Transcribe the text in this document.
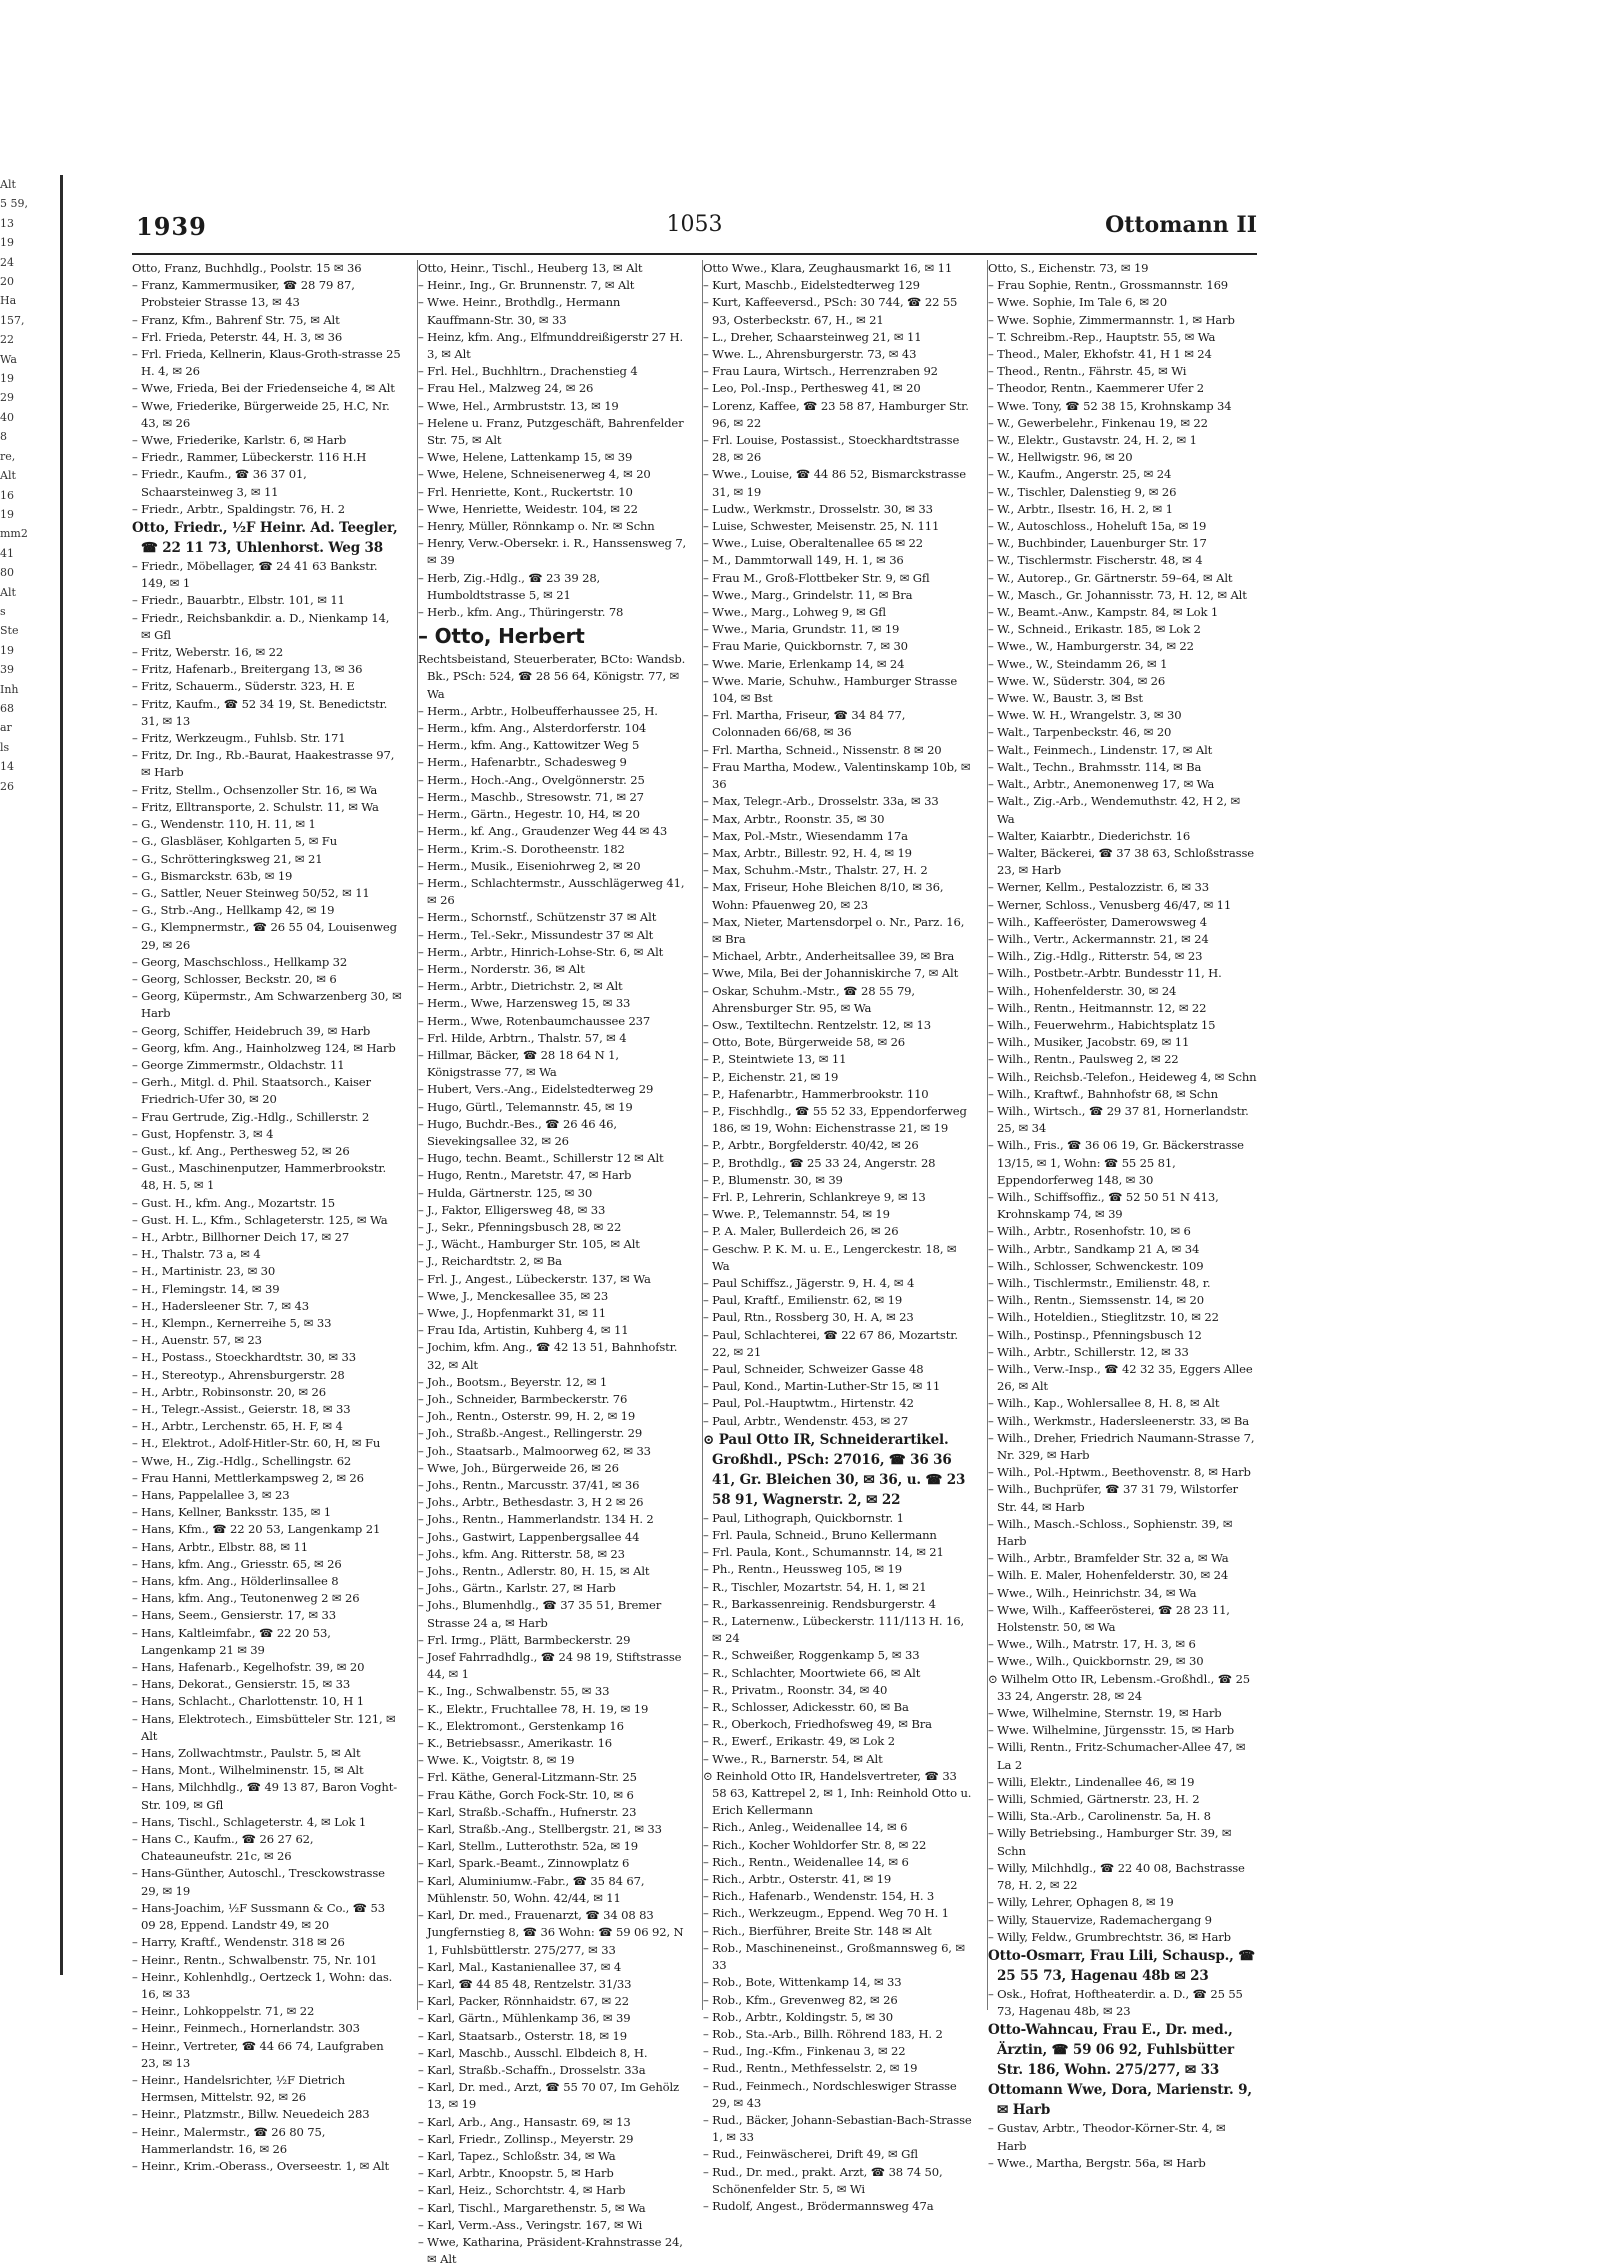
Alt
5 59,
13
19
24
20
Ha
157,
22
Wa
19
29
40
8
re,
Alt
16
19
mm2
41
80
Alt
s
Ste
19
39
Inh
68
ar
ls
14
26
1939	1053	Ottomann II
Otto, Franz, Buchhdlg., Poolstr. 15 ✉ 36
– Franz, Kammermusiker, ☎ 28 79 87, Probsteier Strasse 13, ✉ 43
– Franz, Kfm., Bahrenf Str. 75, ✉ Alt
– Frl. Frieda, Peterstr. 44, H. 3, ✉ 36
– Frl. Frieda, Kellnerin, Klaus-Groth-strasse 25 H. 4, ✉ 26
– Wwe, Frieda, Bei der Friedenseiche 4, ✉ Alt
– Wwe, Friederike, Bürgerweide 25, H.C, Nr. 43, ✉ 26
– Wwe, Friederike, Karlstr. 6, ✉ Harb
– Friedr., Rammer, Lübeckerstr. 116 H.H
– Friedr., Kaufm., ☎ 36 37 01, Schaarsteinweg 3, ✉ 11
– Friedr., Arbtr., Spaldingstr. 76, H. 2
Otto, Friedr., ½F Heinr. Ad. Teegler, ☎ 22 11 73, Uhlenhorst. Weg 38
– Friedr., Möbellager, ☎ 24 41 63 Bankstr. 149, ✉ 1
– Friedr., Bauarbtr., Elbstr. 101, ✉ 11
– Friedr., Reichsbankdir. a. D., Nienkamp 14, ✉ Gfl
– Fritz, Weberstr. 16, ✉ 22
– Fritz, Hafenarb., Breitergang 13, ✉ 36
– Fritz, Schauerm., Süderstr. 323, H. E
– Fritz, Kaufm., ☎ 52 34 19, St. Benedictstr. 31, ✉ 13
– Fritz, Werkzeugm., Fuhlsb. Str. 171
– Fritz, Dr. Ing., Rb.-Baurat, Haakestrasse 97, ✉ Harb
– Fritz, Stellm., Ochsenzoller Str. 16, ✉ Wa
– Fritz, Elltransporte, 2. Schulstr. 11, ✉ Wa
– G., Wendenstr. 110, H. 11, ✉ 1
– G., Glasbläser, Kohlgarten 5, ✉ Fu
– G., Schrötteringksweg 21, ✉ 21
– G., Bismarckstr. 63b, ✉ 19
– G., Sattler, Neuer Steinweg 50/52, ✉ 11
– G., Strb.-Ang., Hellkamp 42, ✉ 19
– G., Klempnermstr., ☎ 26 55 04, Louisenweg 29, ✉ 26
– Georg, Maschschloss., Hellkamp 32
– Georg, Schlosser, Beckstr. 20, ✉ 6
– Georg, Küpermstr., Am Schwarzenberg 30, ✉ Harb
– Georg, Schiffer, Heidebruch 39, ✉ Harb
– Georg, kfm. Ang., Hainholzweg 124, ✉ Harb
– George Zimmermstr., Oldachstr. 11
– Gerh., Mitgl. d. Phil. Staatsorch., Kaiser Friedrich-Ufer 30, ✉ 20
– Frau Gertrude, Zig.-Hdlg., Schillerstr. 2
– Gust, Hopfenstr. 3, ✉ 4
– Gust., kf. Ang., Perthesweg 52, ✉ 26
– Gust., Maschinenputzer, Hammerbrookstr. 48, H. 5, ✉ 1
– Gust. H., kfm. Ang., Mozartstr. 15
– Gust. H. L., Kfm., Schlageterstr. 125, ✉ Wa
– H., Arbtr., Billhorner Deich 17, ✉ 27
– H., Thalstr. 73 a, ✉ 4
– H., Martinistr. 23, ✉ 30
– H., Flemingstr. 14, ✉ 39
– H., Hadersleener Str. 7, ✉ 43
– H., Klempn., Kernerreihe 5, ✉ 33
– H., Auenstr. 57, ✉ 23
– H., Postass., Stoeckhardtstr. 30, ✉ 33
– H., Stereotyp., Ahrensburgerstr. 28
– H., Arbtr., Robinsonstr. 20, ✉ 26
– H., Telegr.-Assist., Geierstr. 18, ✉ 33
– H., Arbtr., Lerchenstr. 65, H. F, ✉ 4
– H., Elektrot., Adolf-Hitler-Str. 60, H, ✉ Fu
– Wwe, H., Zig.-Hdlg., Schellingstr. 62
– Frau Hanni, Mettlerkampsweg 2, ✉ 26
– Hans, Pappelallee 3, ✉ 23
– Hans, Kellner, Banksstr. 135, ✉ 1
– Hans, Kfm., ☎ 22 20 53, Langenkamp 21
– Hans, Arbtr., Elbstr. 88, ✉ 11
– Hans, kfm. Ang., Griesstr. 65, ✉ 26
– Hans, kfm. Ang., Hölderlinsallee 8
– Hans, kfm. Ang., Teutonenweg 2 ✉ 26
– Hans, Seem., Gensierstr. 17, ✉ 33
– Hans, Kaltleimfabr., ☎ 22 20 53, Langenkamp 21 ✉ 39
– Hans, Hafenarb., Kegelhofstr. 39, ✉ 20
– Hans, Dekorat., Gensierstr. 15, ✉ 33
– Hans, Schlacht., Charlottenstr. 10, H 1
– Hans, Elektrotech., Eimsbütteler Str. 121, ✉ Alt
– Hans, Zollwachtmstr., Paulstr. 5, ✉ Alt
– Hans, Mont., Wilhelminenstr. 15, ✉ Alt
– Hans, Milchhdlg., ☎ 49 13 87, Baron Voght-Str. 109, ✉ Gfl
– Hans, Tischl., Schlageterstr. 4, ✉ Lok 1
– Hans C., Kaufm., ☎ 26 27 62, Chateauneufstr. 21c, ✉ 26
– Hans-Günther, Autoschl., Tresckowstrasse 29, ✉ 19
– Hans-Joachim, ½F Sussmann & Co., ☎ 53 09 28, Eppend. Landstr 49, ✉ 20
– Harry, Kraftf., Wendenstr. 318 ✉ 26
– Heinr., Rentn., Schwalbenstr. 75, Nr. 101
– Heinr., Kohlenhdlg., Oertzeck 1, Wohn: das. 16, ✉ 33
– Heinr., Lohkoppelstr. 71, ✉ 22
– Heinr., Feinmech., Hornerlandstr. 303
– Heinr., Vertreter, ☎ 44 66 74, Laufgraben 23, ✉ 13
– Heinr., Handelsrichter, ½F Dietrich Hermsen, Mittelstr. 92, ✉ 26
– Heinr., Platzmstr., Billw. Neuedeich 283
– Heinr., Malermstr., ☎ 26 80 75, Hammerlandstr. 16, ✉ 26
– Heinr., Krim.-Oberass., Overseestr. 1, ✉ Alt
Otto, Heinr., Tischl., Heuberg 13, ✉ Alt
– Heinr., Ing., Gr. Brunnenstr. 7, ✉ Alt
– Wwe. Heinr., Brothdlg., Hermann Kauffmann-Str. 30, ✉ 33
– Heinz, kfm. Ang., Elfmunddreißigerstr 27 H. 3, ✉ Alt
– Frl. Hel., Buchhltrn., Drachenstieg 4
– Frau Hel., Malzweg 24, ✉ 26
– Wwe, Hel., Armbruststr. 13, ✉ 19
– Helene u. Franz, Putzgeschäft, Bahrenfelder Str. 75, ✉ Alt
– Wwe, Helene, Lattenkamp 15, ✉ 39
– Wwe, Helene, Schneisenerweg 4, ✉ 20
– Frl. Henriette, Kont., Ruckertstr. 10
– Wwe, Henriette, Weidestr. 104, ✉ 22
– Henry, Müller, Rönnkamp o. Nr. ✉ Schn
– Henry, Verw.-Obersekr. i. R., Hanssensweg 7, ✉ 39
– Herb, Zig.-Hdlg., ☎ 23 39 28, Humboldtstrasse 5, ✉ 21
– Herb., kfm. Ang., Thüringerstr. 78
– Otto, Herbert
Rechtsbeistand, Steuerberater, BCto: Wandsb. Bk., PSch: 524, ☎ 28 56 64, Königstr. 77, ✉ Wa
– Herm., Arbtr., Holbeufferhaussee 25, H.
– Herm., kfm. Ang., Alsterdorferstr. 104
– Herm., kfm. Ang., Kattowitzer Weg 5
– Herm., Hafenarbtr., Schadesweg 9
– Herm., Hoch.-Ang., Ovelgönnerstr. 25
– Herm., Maschb., Stresowstr. 71, ✉ 27
– Herm., Gärtn., Hegestr. 10, H4, ✉ 20
– Herm., kf. Ang., Graudenzer Weg 44 ✉ 43
– Herm., Krim.-S. Dorotheenstr. 182
– Herm., Musik., Eiseniohrweg 2, ✉ 20
– Herm., Schlachtermstr., Ausschlägerweg 41, ✉ 26
– Herm., Schornstf., Schützenstr 37 ✉ Alt
– Herm., Tel.-Sekr., Missundestr 37 ✉ Alt
– Herm., Arbtr., Hinrich-Lohse-Str. 6, ✉ Alt
– Herm., Norderstr. 36, ✉ Alt
– Herm., Arbtr., Dietrichstr. 2, ✉ Alt
– Herm., Wwe, Harzensweg 15, ✉ 33
– Herm., Wwe, Rotenbaumchaussee 237
– Frl. Hilde, Arbtrn., Thalstr. 57, ✉ 4
– Hillmar, Bäcker, ☎ 28 18 64 N 1, Königstrasse 77, ✉ Wa
– Hubert, Vers.-Ang., Eidelstedterweg 29
– Hugo, Gürtl., Telemannstr. 45, ✉ 19
– Hugo, Buchdr.-Bes., ☎ 26 46 46, Sievekingsallee 32, ✉ 26
– Hugo, techn. Beamt., Schillerstr 12 ✉ Alt
– Hugo, Rentn., Maretstr. 47, ✉ Harb
– Hulda, Gärtnerstr. 125, ✉ 30
– J., Faktor, Elligersweg 48, ✉ 33
– J., Sekr., Pfenningsbusch 28, ✉ 22
– J., Wächt., Hamburger Str. 105, ✉ Alt
– J., Reichardtstr. 2, ✉ Ba
– Frl. J., Angest., Lübeckerstr. 137, ✉ Wa
– Wwe, J., Menckesallee 35, ✉ 23
– Wwe, J., Hopfenmarkt 31, ✉ 11
– Frau Ida, Artistin, Kuhberg 4, ✉ 11
– Jochim, kfm. Ang., ☎ 42 13 51, Bahnhofstr. 32, ✉ Alt
– Joh., Bootsm., Beyerstr. 12, ✉ 1
– Joh., Schneider, Barmbeckerstr. 76
– Joh., Rentn., Osterstr. 99, H. 2, ✉ 19
– Joh., Straßb.-Angest., Rellingerstr. 29
– Joh., Staatsarb., Malmoorweg 62, ✉ 33
– Wwe, Joh., Bürgerweide 26, ✉ 26
– Johs., Rentn., Marcusstr. 37/41, ✉ 36
– Johs., Arbtr., Bethesdastr. 3, H 2 ✉ 26
– Johs., Rentn., Hammerlandstr. 134 H. 2
– Johs., Gastwirt, Lappenbergsallee 44
– Johs., kfm. Ang. Ritterstr. 58, ✉ 23
– Johs., Rentn., Adlerstr. 80, H. 15, ✉ Alt
– Johs., Gärtn., Karlstr. 27, ✉ Harb
– Johs., Blumenhdlg., ☎ 37 35 51, Bremer Strasse 24 a, ✉ Harb
– Frl. Irmg., Plätt, Barmbeckerstr. 29
– Josef Fahrradhdlg., ☎ 24 98 19, Stiftstrasse 44, ✉ 1
– K., Ing., Schwalbenstr. 55, ✉ 33
– K., Elektr., Fruchtallee 78, H. 19, ✉ 19
– K., Elektromont., Gerstenkamp 16
– K., Betriebsassr., Amerikastr. 16
– Wwe. K., Voigtstr. 8, ✉ 19
– Frl. Käthe, General-Litzmann-Str. 25
– Frau Käthe, Gorch Fock-Str. 10, ✉ 6
– Karl, Straßb.-Schaffn., Hufnerstr. 23
– Karl, Straßb.-Ang., Stellbergstr. 21, ✉ 33
– Karl, Stellm., Lutterothstr. 52a, ✉ 19
– Karl, Spark.-Beamt., Zinnowplatz 6
– Karl, Aluminiumw.-Fabr., ☎ 35 84 67, Mühlenstr. 50, Wohn. 42/44, ✉ 11
– Karl, Dr. med., Frauenarzt, ☎ 34 08 83 Jungfernstieg 8, ☎ 36 Wohn: ☎ 59 06 92, N 1, Fuhlsbüttlerstr. 275/277, ✉ 33
– Karl, Mal., Kastanienallee 37, ✉ 4
– Karl, ☎ 44 85 48, Rentzelstr. 31/33
– Karl, Packer, Rönnhaidstr. 67, ✉ 22
– Karl, Gärtn., Mühlenkamp 36, ✉ 39
– Karl, Staatsarb., Osterstr. 18, ✉ 19
– Karl, Maschb., Ausschl. Elbdeich 8, H.
– Karl, Straßb.-Schaffn., Drosselstr. 33a
– Karl, Dr. med., Arzt, ☎ 55 70 07, Im Gehölz 13, ✉ 19
– Karl, Arb., Ang., Hansastr. 69, ✉ 13
– Karl, Friedr., Zollinsp., Meyerstr. 29
– Karl, Tapez., Schloßstr. 34, ✉ Wa
– Karl, Arbtr., Knoopstr. 5, ✉ Harb
– Karl, Heiz., Schorchtstr. 4, ✉ Harb
– Karl, Tischl., Margarethenstr. 5, ✉ Wa
– Karl, Verm.-Ass., Veringstr. 167, ✉ Wi
– Wwe, Katharina, Präsident-Krahnstrasse 24, ✉ Alt
Otto Wwe., Klara, Zeughausmarkt 16, ✉ 11
– Kurt, Maschb., Eidelstedterweg 129
– Kurt, Kaffeeversd., PSch: 30 744, ☎ 22 55 93, Osterbeckstr. 67, H., ✉ 21
– L., Dreher, Schaarsteinweg 21, ✉ 11
– Wwe. L., Ahrensburgerstr. 73, ✉ 43
– Frau Laura, Wirtsch., Herrenzraben 92
– Leo, Pol.-Insp., Perthesweg 41, ✉ 20
– Lorenz, Kaffee, ☎ 23 58 87, Hamburger Str. 96, ✉ 22
– Frl. Louise, Postassist., Stoeckhardtstrasse 28, ✉ 26
– Wwe., Louise, ☎ 44 86 52, Bismarckstrasse 31, ✉ 19
– Ludw., Werkmstr., Drosselstr. 30, ✉ 33
– Luise, Schwester, Meisenstr. 25, N. 111
– Wwe., Luise, Oberaltenallee 65 ✉ 22
– M., Dammtorwall 149, H. 1, ✉ 36
– Frau M., Groß-Flottbeker Str. 9, ✉ Gfl
– Wwe., Marg., Grindelstr. 11, ✉ Bra
– Wwe., Marg., Lohweg 9, ✉ Gfl
– Wwe., Maria, Grundstr. 11, ✉ 19
– Frau Marie, Quickbornstr. 7, ✉ 30
– Wwe. Marie, Erlenkamp 14, ✉ 24
– Wwe. Marie, Schuhw., Hamburger Strasse 104, ✉ Bst
– Frl. Martha, Friseur, ☎ 34 84 77, Colonnaden 66/68, ✉ 36
– Frl. Martha, Schneid., Nissenstr. 8 ✉ 20
– Frau Martha, Modew., Valentinskamp 10b, ✉ 36
– Max, Telegr.-Arb., Drosselstr. 33a, ✉ 33
– Max, Arbtr., Roonstr. 35, ✉ 30
– Max, Pol.-Mstr., Wiesendamm 17a
– Max, Arbtr., Billestr. 92, H. 4, ✉ 19
– Max, Schuhm.-Mstr., Thalstr. 27, H. 2
– Max, Friseur, Hohe Bleichen 8/10, ✉ 36, Wohn: Pfauenweg 20, ✉ 23
– Max, Nieter, Martensdorpel o. Nr., Parz. 16, ✉ Bra
– Michael, Arbtr., Anderheitsallee 39, ✉ Bra
– Wwe, Mila, Bei der Johanniskirche 7, ✉ Alt
– Oskar, Schuhm.-Mstr., ☎ 28 55 79, Ahrensburger Str. 95, ✉ Wa
– Osw., Textiltechn. Rentzelstr. 12, ✉ 13
– Otto, Bote, Bürgerweide 58, ✉ 26
– P., Steintwiete 13, ✉ 11
– P., Eichenstr. 21, ✉ 19
– P., Hafenarbtr., Hammerbrookstr. 110
– P., Fischhdlg., ☎ 55 52 33, Eppendorferweg 186, ✉ 19, Wohn: Eichenstrasse 21, ✉ 19
– P., Arbtr., Borgfelderstr. 40/42, ✉ 26
– P., Brothdlg., ☎ 25 33 24, Angerstr. 28
– P., Blumenstr. 30, ✉ 39
– Frl. P., Lehrerin, Schlankreye 9, ✉ 13
– Wwe. P., Telemannstr. 54, ✉ 19
– P. A. Maler, Bullerdeich 26, ✉ 26
– Geschw. P. K. M. u. E., Lengerckestr. 18, ✉ Wa
– Paul Schiffsz., Jägerstr. 9, H. 4, ✉ 4
– Paul, Kraftf., Emilienstr. 62, ✉ 19
– Paul, Rtn., Rossberg 30, H. A, ✉ 23
– Paul, Schlachterei, ☎ 22 67 86, Mozartstr. 22, ✉ 21
– Paul, Schneider, Schweizer Gasse 48
– Paul, Kond., Martin-Luther-Str 15, ✉ 11
– Paul, Pol.-Hauptwtm., Hirtenstr. 42
– Paul, Arbtr., Wendenstr. 453, ✉ 27
⊙ Paul Otto IR, Schneiderartikel. Großhdl., PSch: 27016, ☎ 36 36 41, Gr. Bleichen 30, ✉ 36, u. ☎ 23 58 91, Wagnerstr. 2, ✉ 22
– Paul, Lithograph, Quickbornstr. 1
– Frl. Paula, Schneid., Bruno Kellermann
– Frl. Paula, Kont., Schumannstr. 14, ✉ 21
– Ph., Rentn., Heussweg 105, ✉ 19
– R., Tischler, Mozartstr. 54, H. 1, ✉ 21
– R., Barkassenreinig. Rendsburgerstr. 4
– R., Laternenw., Lübeckerstr. 111/113 H. 16, ✉ 24
– R., Schweißer, Roggenkamp 5, ✉ 33
– R., Schlachter, Moortwiete 66, ✉ Alt
– R., Privatm., Roonstr. 34, ✉ 40
– R., Schlosser, Adickesstr. 60, ✉ Ba
– R., Oberkoch, Friedhofsweg 49, ✉ Bra
– R., Ewerf., Erikastr. 49, ✉ Lok 2
– Wwe., R., Barnerstr. 54, ✉ Alt
⊙ Reinhold Otto IR, Handelsvertreter, ☎ 33 58 63, Kattrepel 2, ✉ 1, Inh: Reinhold Otto u. Erich Kellermann
– Rich., Anleg., Weidenallee 14, ✉ 6
– Rich., Kocher Wohldorfer Str. 8, ✉ 22
– Rich., Rentn., Weidenallee 14, ✉ 6
– Rich., Arbtr., Osterstr. 41, ✉ 19
– Rich., Hafenarb., Wendenstr. 154, H. 3
– Rich., Werkzeugm., Eppend. Weg 70 H. 1
– Rich., Bierführer, Breite Str. 148 ✉ Alt
– Rob., Maschineneinst., Großmannsweg 6, ✉ 33
– Rob., Bote, Wittenkamp 14, ✉ 33
– Rob., Kfm., Grevenweg 82, ✉ 26
– Rob., Arbtr., Koldingstr. 5, ✉ 30
– Rob., Sta.-Arb., Billh. Röhrend 183, H. 2
– Rud., Ing.-Kfm., Finkenau 3, ✉ 22
– Rud., Rentn., Methfesselstr. 2, ✉ 19
– Rud., Feinmech., Nordschleswiger Strasse 29, ✉ 43
– Rud., Bäcker, Johann-Sebastian-Bach-Strasse 1, ✉ 33
– Rud., Feinwäscherei, Drift 49, ✉ Gfl
– Rud., Dr. med., prakt. Arzt, ☎ 38 74 50, Schönenfelder Str. 5, ✉ Wi
– Rudolf, Angest., Brödermannsweg 47a
Otto, S., Eichenstr. 73, ✉ 19
– Frau Sophie, Rentn., Grossmannstr. 169
– Wwe. Sophie, Im Tale 6, ✉ 20
– Wwe. Sophie, Zimmermannstr. 1, ✉ Harb
– T. Schreibm.-Rep., Hauptstr. 55, ✉ Wa
– Theod., Maler, Ekhofstr. 41, H 1 ✉ 24
– Theod., Rentn., Fährstr. 45, ✉ Wi
– Theodor, Rentn., Kaemmerer Ufer 2
– Wwe. Tony, ☎ 52 38 15, Krohnskamp 34
– W., Gewerbelehr., Finkenau 19, ✉ 22
– W., Elektr., Gustavstr. 24, H. 2, ✉ 1
– W., Hellwigstr. 96, ✉ 20
– W., Kaufm., Angerstr. 25, ✉ 24
– W., Tischler, Dalenstieg 9, ✉ 26
– W., Arbtr., Ilsestr. 16, H. 2, ✉ 1
– W., Autoschloss., Hoheluft 15a, ✉ 19
– W., Buchbinder, Lauenburger Str. 17
– W., Tischlermstr. Fischerstr. 48, ✉ 4
– W., Autorep., Gr. Gärtnerstr. 59–64, ✉ Alt
– W., Masch., Gr. Johannisstr. 73, H. 12, ✉ Alt
– W., Beamt.-Anw., Kampstr. 84, ✉ Lok 1
– W., Schneid., Erikastr. 185, ✉ Lok 2
– Wwe., W., Hamburgerstr. 34, ✉ 22
– Wwe., W., Steindamm 26, ✉ 1
– Wwe. W., Süderstr. 304, ✉ 26
– Wwe. W., Baustr. 3, ✉ Bst
– Wwe. W. H., Wrangelstr. 3, ✉ 30
– Walt., Tarpenbeckstr. 46, ✉ 20
– Walt., Feinmech., Lindenstr. 17, ✉ Alt
– Walt., Techn., Brahmsstr. 114, ✉ Ba
– Walt., Arbtr., Anemonenweg 17, ✉ Wa
– Walt., Zig.-Arb., Wendemuthstr. 42, H 2, ✉ Wa
– Walter, Kaiarbtr., Diederichstr. 16
– Walter, Bäckerei, ☎ 37 38 63, Schloßstrasse 23, ✉ Harb
– Werner, Kellm., Pestalozzistr. 6, ✉ 33
– Werner, Schloss., Venusberg 46/47, ✉ 11
– Wilh., Kaffeeröster, Damerowsweg 4
– Wilh., Vertr., Ackermannstr. 21, ✉ 24
– Wilh., Zig.-Hdlg., Ritterstr. 54, ✉ 23
– Wilh., Postbetr.-Arbtr. Bundesstr 11, H.
– Wilh., Hohenfelderstr. 30, ✉ 24
– Wilh., Rentn., Heitmannstr. 12, ✉ 22
– Wilh., Feuerwehrm., Habichtsplatz 15
– Wilh., Musiker, Jacobstr. 69, ✉ 11
– Wilh., Rentn., Paulsweg 2, ✉ 22
– Wilh., Reichsb.-Telefon., Heideweg 4, ✉ Schn
– Wilh., Kraftwf., Bahnhofstr 68, ✉ Schn
– Wilh., Wirtsch., ☎ 29 37 81, Hornerlandstr. 25, ✉ 34
– Wilh., Fris., ☎ 36 06 19, Gr. Bäckerstrasse 13/15, ✉ 1, Wohn: ☎ 55 25 81, Eppendorferweg 148, ✉ 30
– Wilh., Schiffsoffiz., ☎ 52 50 51 N 413, Krohnskamp 74, ✉ 39
– Wilh., Arbtr., Rosenhofstr. 10, ✉ 6
– Wilh., Arbtr., Sandkamp 21 A, ✉ 34
– Wilh., Schlosser, Schwenckestr. 109
– Wilh., Tischlermstr., Emilienstr. 48, r.
– Wilh., Rentn., Siemssenstr. 14, ✉ 20
– Wilh., Hoteldien., Stieglitzstr. 10, ✉ 22
– Wilh., Postinsp., Pfenningsbusch 12
– Wilh., Arbtr., Schillerstr. 12, ✉ 33
– Wilh., Verw.-Insp., ☎ 42 32 35, Eggers Allee 26, ✉ Alt
– Wilh., Kap., Wohlersallee 8, H. 8, ✉ Alt
– Wilh., Werkmstr., Hadersleenerstr. 33, ✉ Ba
– Wilh., Dreher, Friedrich Naumann-Strasse 7, Nr. 329, ✉ Harb
– Wilh., Pol.-Hptwm., Beethovenstr. 8, ✉ Harb
– Wilh., Buchprüfer, ☎ 37 31 79, Wilstorfer Str. 44, ✉ Harb
– Wilh., Masch.-Schloss., Sophienstr. 39, ✉ Harb
– Wilh., Arbtr., Bramfelder Str. 32 a, ✉ Wa
– Wilh. E. Maler, Hohenfelderstr. 30, ✉ 24
– Wwe., Wilh., Heinrichstr. 34, ✉ Wa
– Wwe, Wilh., Kaffeerösterei, ☎ 28 23 11, Holstenstr. 50, ✉ Wa
– Wwe., Wilh., Matrstr. 17, H. 3, ✉ 6
– Wwe., Wilh., Quickbornstr. 29, ✉ 30
⊙ Wilhelm Otto IR, Lebensm.-Großhdl., ☎ 25 33 24, Angerstr. 28, ✉ 24
– Wwe, Wilhelmine, Sternstr. 19, ✉ Harb
– Wwe. Wilhelmine, Jürgensstr. 15, ✉ Harb
– Willi, Rentn., Fritz-Schumacher-Allee 47, ✉ La 2
– Willi, Elektr., Lindenallee 46, ✉ 19
– Willi, Schmied, Gärtnerstr. 23, H. 2
– Willi, Sta.-Arb., Carolinenstr. 5a, H. 8
– Willy Betriebsing., Hamburger Str. 39, ✉ Schn
– Willy, Milchhdlg., ☎ 22 40 08, Bachstrasse 78, H. 2, ✉ 22
– Willy, Lehrer, Ophagen 8, ✉ 19
– Willy, Stauervize, Rademachergang 9
– Willy, Feldw., Grumbrechtstr. 36, ✉ Harb
Otto-Osmarr, Frau Lili, Schausp., ☎ 25 55 73, Hagenau 48b ✉ 23
– Osk., Hofrat, Hoftheaterdir. a. D., ☎ 25 55 73, Hagenau 48b, ✉ 23
Otto-Wahncau, Frau E., Dr. med., Ärztin, ☎ 59 06 92, Fuhlsbütter Str. 186, Wohn. 275/277, ✉ 33
Ottomann Wwe, Dora, Marienstr. 9, ✉ Harb
– Gustav, Arbtr., Theodor-Körner-Str. 4, ✉ Harb
– Wwe., Martha, Bergstr. 56a, ✉ Harb
